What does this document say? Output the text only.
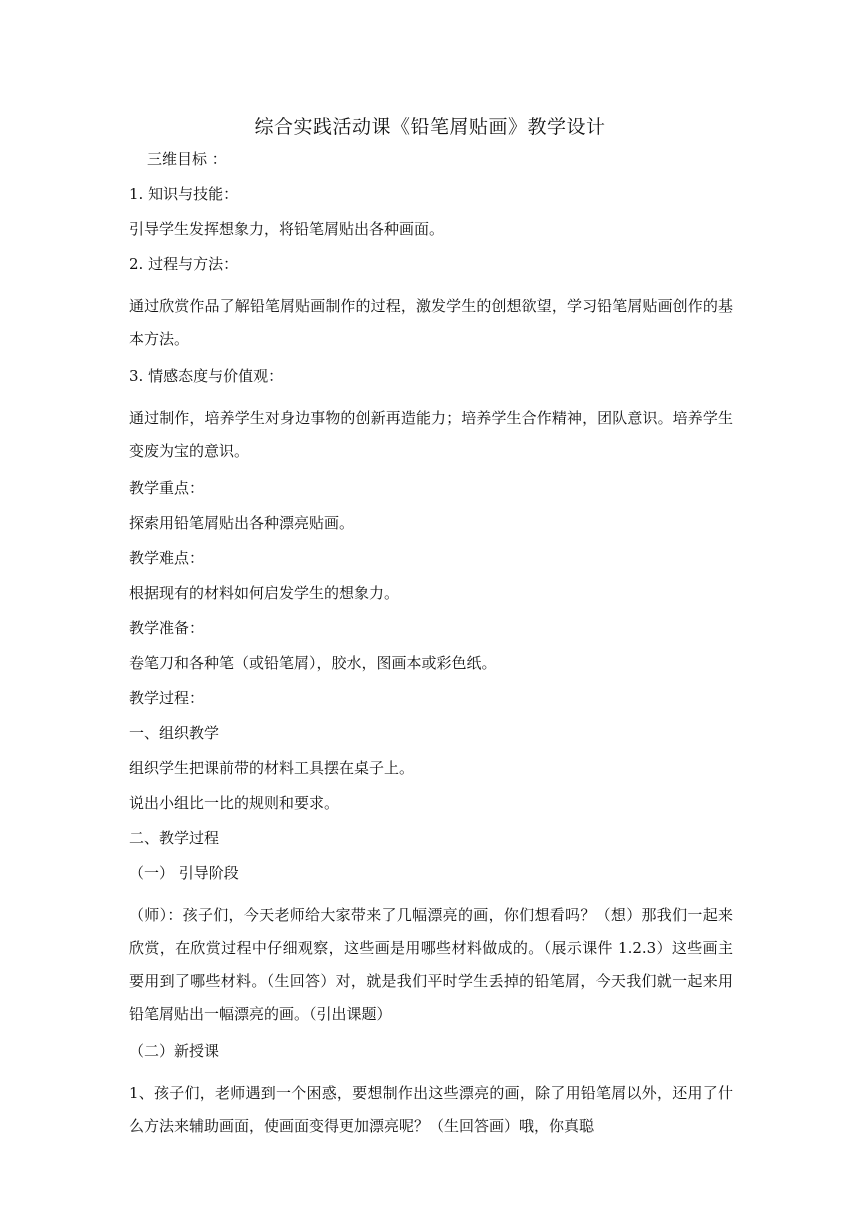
综合实践活动课《铅笔屑贴画》教学设计

三维目标 ：

1. 知识与技能：

引导学生发挥想象力，将铅笔屑贴出各种画面。

2. 过程与方法：

通过欣赏作品了解铅笔屑贴画制作的过程，激发学生的创想欲望，学习铅笔屑贴画创作的基本方法。

3. 情感态度与价值观：

通过制作，培养学生对身边事物的创新再造能力；培养学生合作精神，团队意识。培养学生变废为宝的意识。

教学重点：

探索用铅笔屑贴出各种漂亮贴画。

教学难点：

根据现有的材料如何启发学生的想象力。

教学准备：

卷笔刀和各种笔（或铅笔屑），胶水，图画本或彩色纸。

教学过程：

一、组织教学

组织学生把课前带的材料工具摆在桌子上。

说出小组比一比的规则和要求。

二、教学过程

（一） 引导阶段

（师）：孩子们，今天老师给大家带来了几幅漂亮的画，你们想看吗？（想）那我们一起来欣赏，在欣赏过程中仔细观察，这些画是用哪些材料做成的。（展示课件 1.2.3）这些画主要用到了哪些材料。（生回答）对，就是我们平时学生丢掉的铅笔屑，今天我们就一起来用铅笔屑贴出一幅漂亮的画。（引出课题）

（二）新授课

1、孩子们，老师遇到一个困惑，要想制作出这些漂亮的画，除了用铅笔屑以外，还用了什么方法来辅助画面，使画面变得更加漂亮呢？（生回答画）哦，你真聪
